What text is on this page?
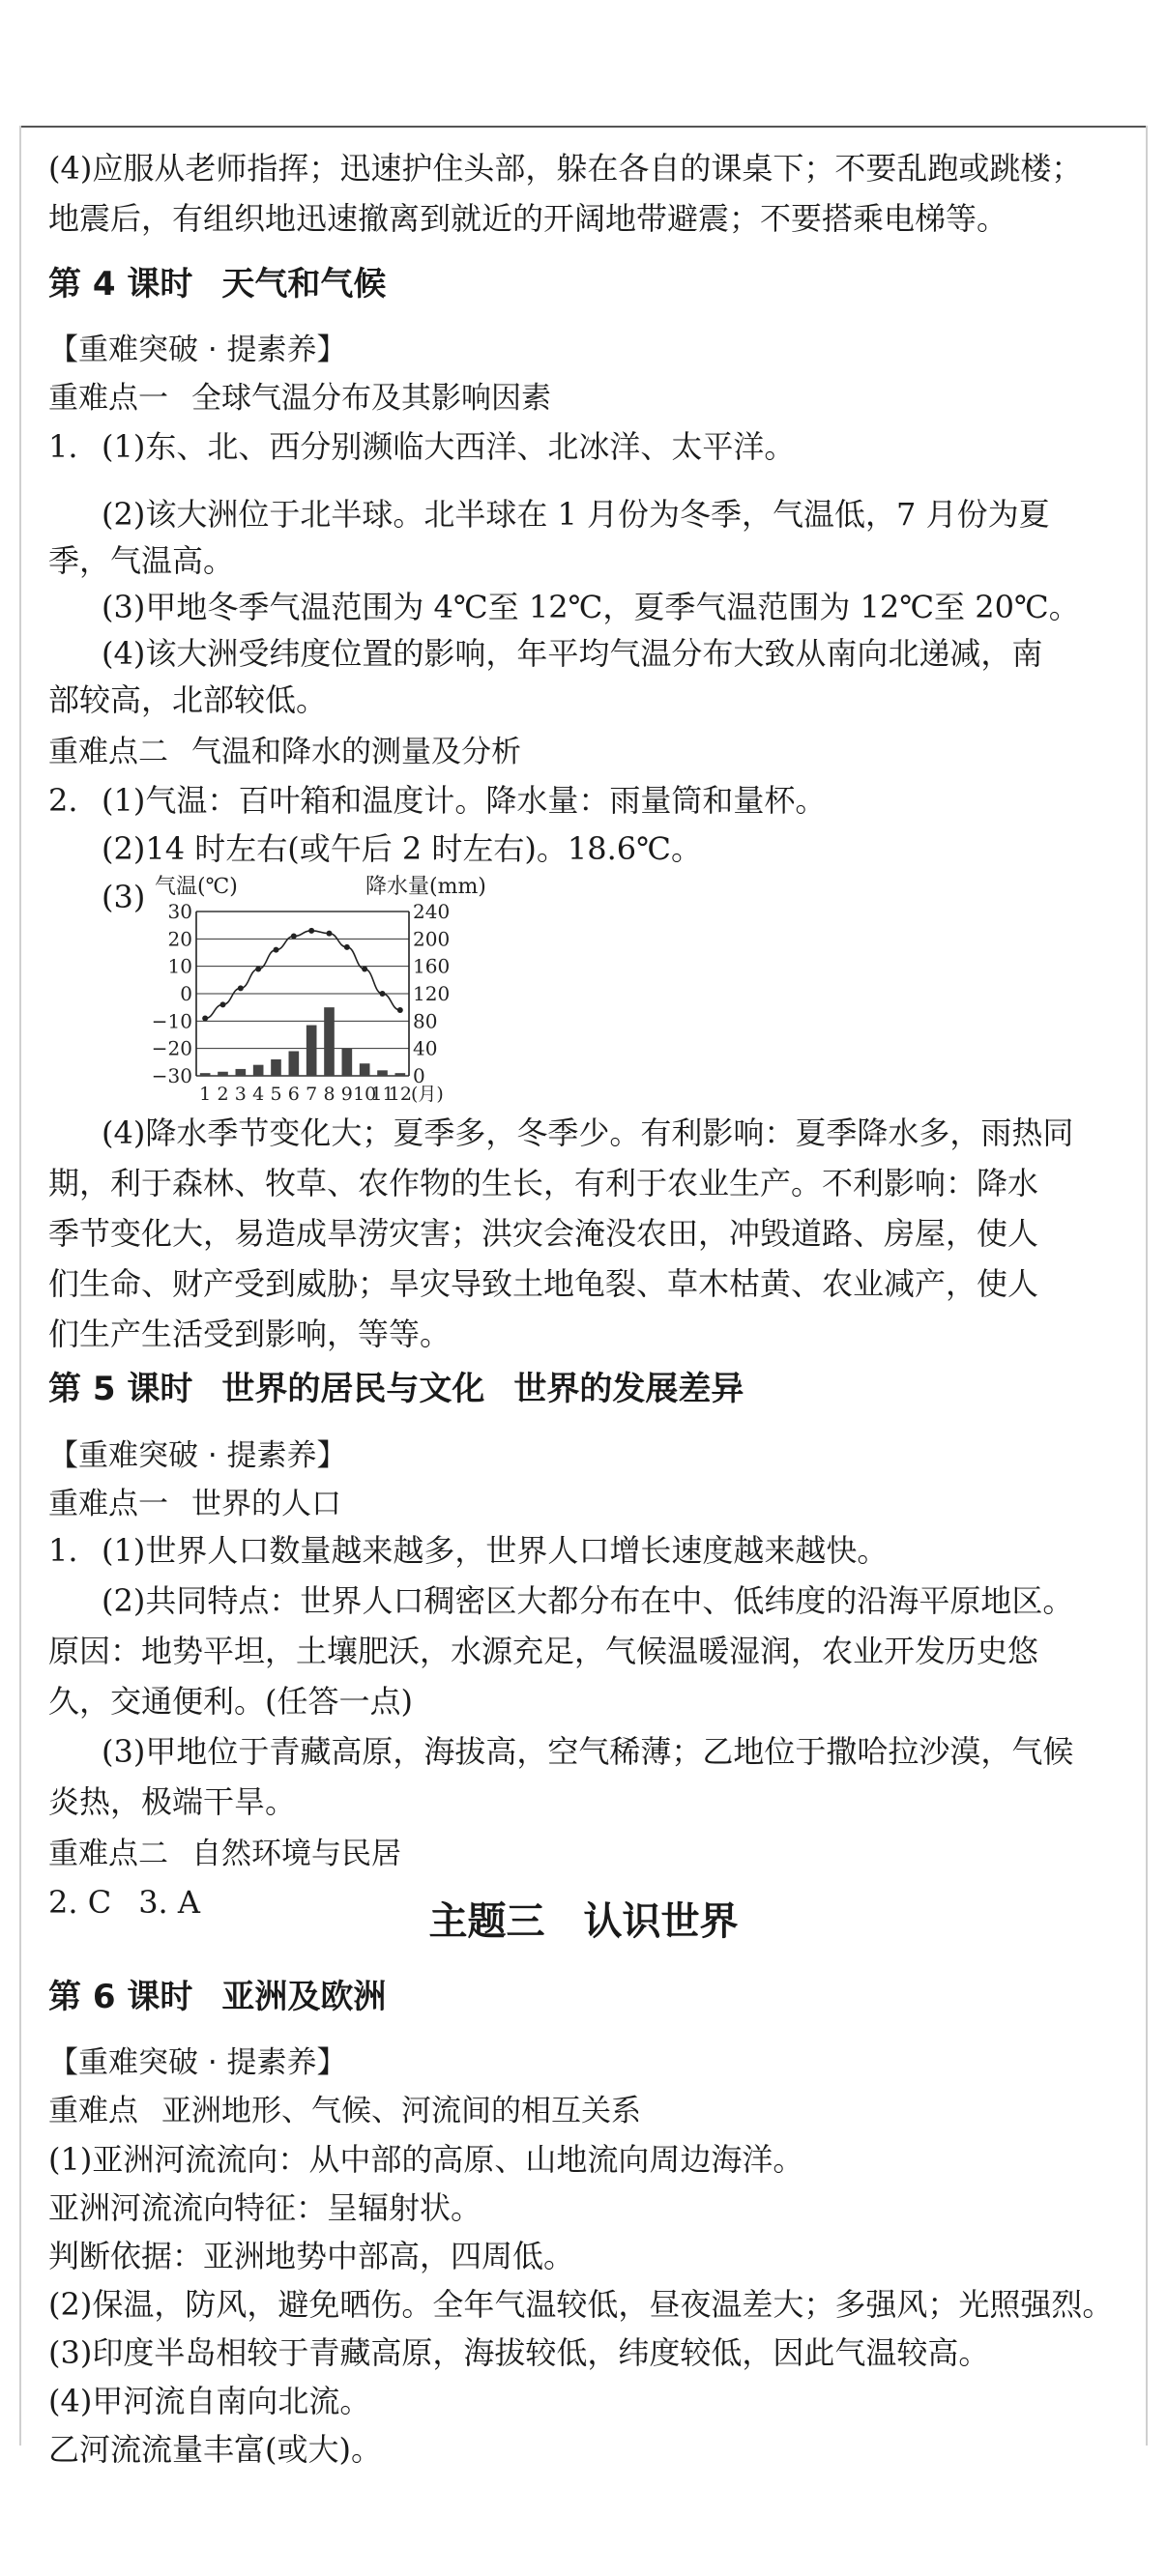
(4)应服从老师指挥；迅速护住头部，躲在各自的课桌下；不要乱跑或跳楼；
地震后，有组织地迅速撤离到就近的开阔地带避震；不要搭乘电梯等。
第 4 课时 天气和气候
【重难突破 · 提素养】
重难点一 全球气温分布及其影响因素
1. (1)东、北、西分别濒临大西洋、北冰洋、太平洋。
(2)该大洲位于北半球。北半球在 1 月份为冬季，气温低，7 月份为夏
季，气温高。
(3)甲地冬季气温范围为 4℃至 12℃，夏季气温范围为 12℃至 20℃。
(4)该大洲受纬度位置的影响，年平均气温分布大致从南向北递减，南
部较高，北部较低。
重难点二 气温和降水的测量及分析
2. (1)气温：百叶箱和温度计。降水量：雨量筒和量杯。
(2)14 时左右(或午后 2 时左右)。18.6℃。
(3) 气温(℃)	降水量(mm)
30	240
20	200
10	160
0	120
−10	80
−20	40
−30	0
1 2 3 4 5 6 7 8 9 10
11
12 (月)
(4)降水季节变化大；夏季多，冬季少。有利影响：夏季降水多，雨热同
期，利于森林、牧草、农作物的生长，有利于农业生产。不利影响：降水
季节变化大，易造成旱涝灾害；洪灾会淹没农田，冲毁道路、房屋，使人
们生命、财产受到威胁；旱灾导致土地龟裂、草木枯黄、农业减产，使人
们生产生活受到影响，等等。
第 5 课时 世界的居民与文化 世界的发展差异
【重难突破 · 提素养】
重难点一 世界的人口
1. (1)世界人口数量越来越多，世界人口增长速度越来越快。
(2)共同特点：世界人口稠密区大都分布在中、低纬度的沿海平原地区。
原因：地势平坦，土壤肥沃，水源充足，气候温暖湿润，农业开发历史悠
久，交通便利。(任答一点)
(3)甲地位于青藏高原，海拔高，空气稀薄；乙地位于撒哈拉沙漠，气候
炎热，极端干旱。
重难点二 自然环境与民居
2. C 3. A	主题三 认识世界
第 6 课时 亚洲及欧洲
【重难突破 · 提素养】
重难点 亚洲地形、气候、河流间的相互关系
(1)亚洲河流流向：从中部的高原、山地流向周边海洋。
亚洲河流流向特征：呈辐射状。
判断依据：亚洲地势中部高，四周低。
(2)保温，防风，避免晒伤。全年气温较低，昼夜温差大；多强风；光照强烈。
(3)印度半岛相较于青藏高原，海拔较低，纬度较低，因此气温较高。
(4)甲河流自南向北流。
乙河流流量丰富(或大)。
